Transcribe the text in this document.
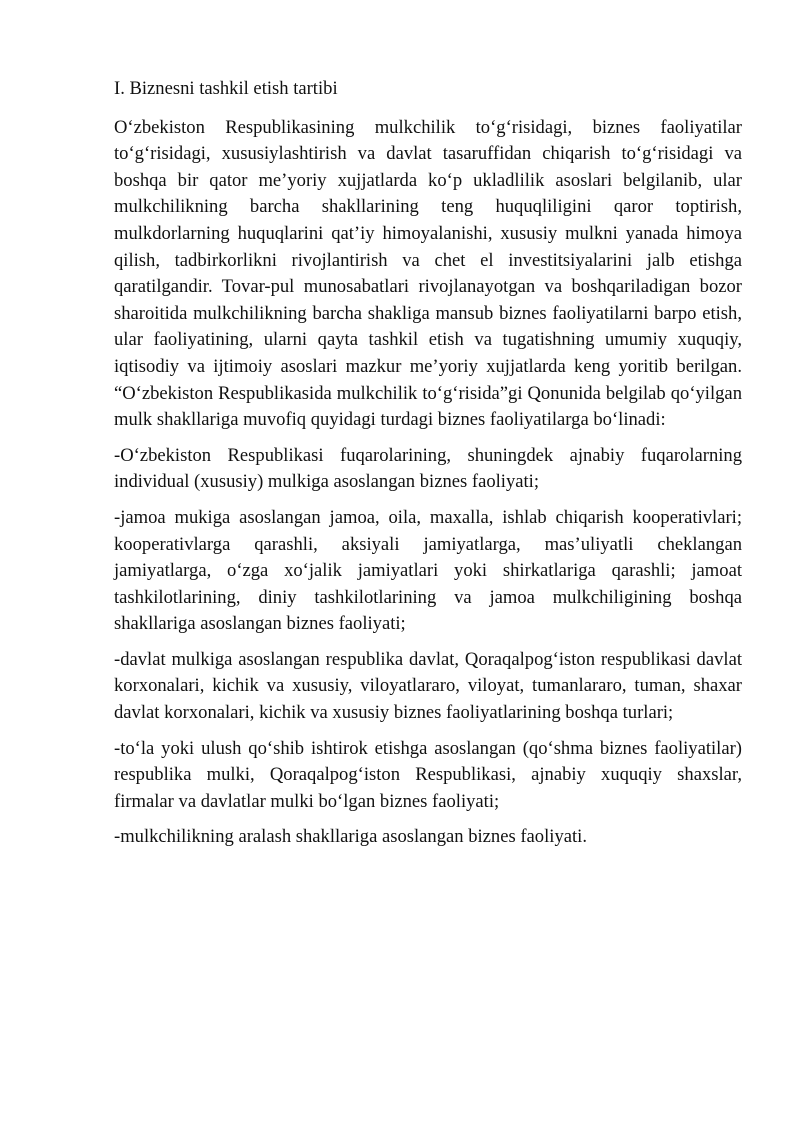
I. Biznesni tashkil etish tartibi

O‘zbekiston Respublikasining mulkchilik to‘g‘risidagi, biznes faoliyatilar to‘g‘risidagi, xususiylashtirish va davlat tasaruffidan chiqarish to‘g‘risidagi va boshqa bir qator me’yoriy xujjatlarda ko‘p ukladlilik asoslari belgilanib, ular mulkchilikning barcha shakllarining teng huquqliligini qaror toptirish, mulkdorlarning huquqlarini qat’iy himoyalanishi, xususiy mulkni yanada himoya qilish, tadbirkorlikni rivojlantirish va chet el investitsiyalarini jalb etishga qaratilgandir. Tovar-pul munosabatlari rivojlanayotgan va boshqariladigan bozor sharoitida mulkchilikning barcha shakliga mansub biznes faoliyatilarni barpo etish, ular faoliyatining, ularni qayta tashkil etish va tugatishning umumiy xuquqiy, iqtisodiy va ijtimoiy asoslari mazkur me’yoriy xujjatlarda keng yoritib berilgan. “O‘zbekiston Respublikasida mulkchilik to‘g‘risida”gi Qonunida belgilab qo‘yilgan mulk shakllariga muvofiq quyidagi turdagi biznes faoliyatilarga bo‘linadi:

-O‘zbekiston Respublikasi fuqarolarining, shuningdek ajnabiy fuqarolarning individual (xususiy) mulkiga asoslangan biznes faoliyati;

-jamoa mukiga asoslangan jamoa, oila, maxalla, ishlab chiqarish kooperativlari; kooperativlarga qarashli, aksiyali jamiyatlarga, mas’uliyatli cheklangan jamiyatlarga, o‘zga xo‘jalik jamiyatlari yoki shirkatlariga qarashli; jamoat tashkilotlarining, diniy tashkilotlarining va jamoa mulkchiligining boshqa shakllariga asoslangan biznes faoliyati;

-davlat mulkiga asoslangan respublika davlat, Qoraqalpog‘iston respublikasi davlat korxonalari, kichik va xususiy, viloyatlararo, viloyat, tumanlararo, tuman, shaxar davlat korxonalari, kichik va xususiy biznes faoliyatlarining boshqa turlari;

-to‘la yoki ulush qo‘shib ishtirok etishga asoslangan (qo‘shma biznes faoliyatilar) respublika mulki, Qoraqalpog‘iston Respublikasi, ajnabiy xuquqiy shaxslar, firmalar va davlatlar mulki bo‘lgan biznes faoliyati;

-mulkchilikning aralash shakllariga asoslangan biznes faoliyati.
